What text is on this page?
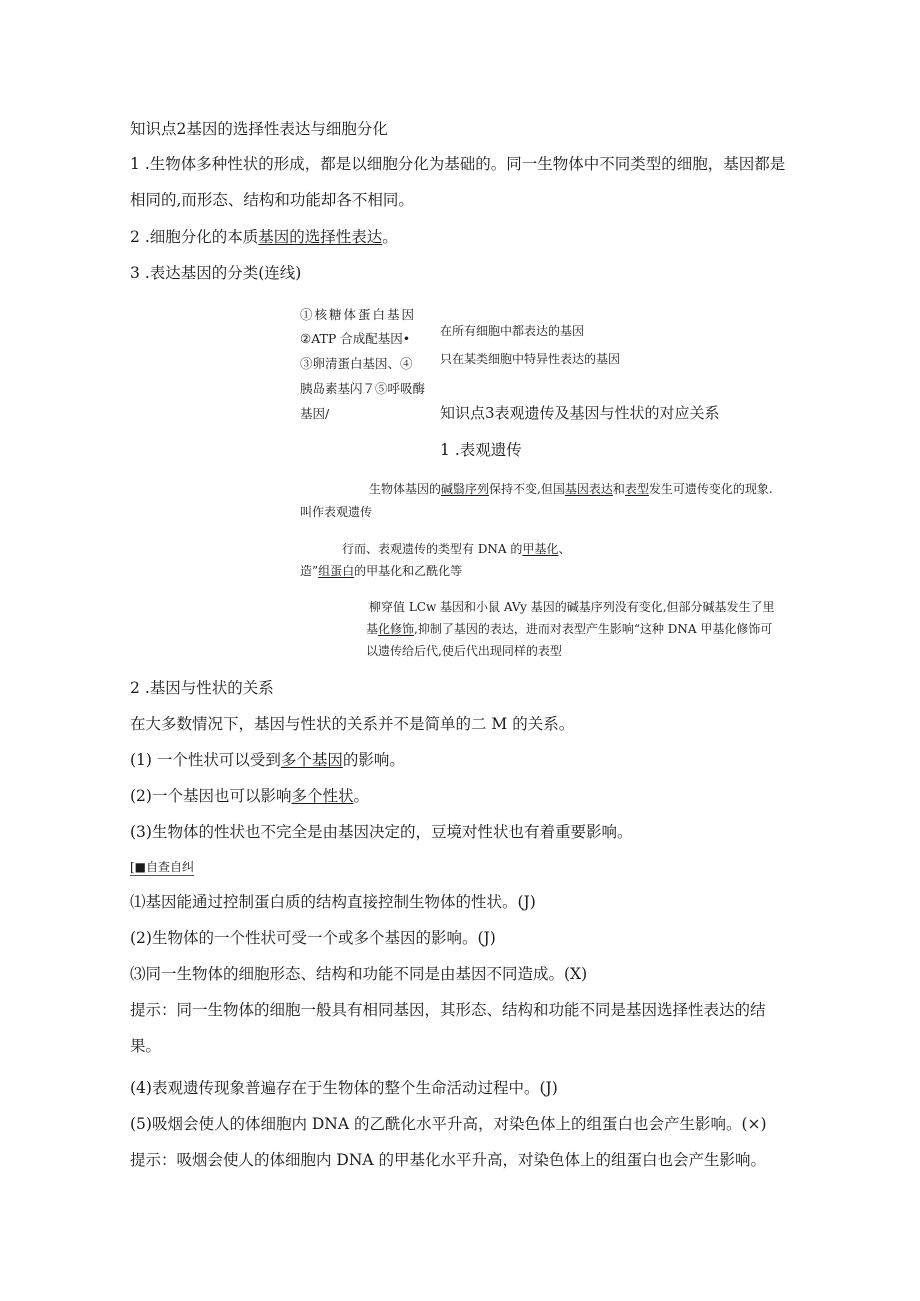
知识点2基因的选择性表达与细胞分化
1 .生物体多种性状的形成，都是以细胞分化为基础的。同一生物体中不同类型的细胞，基因都是
相同的,而形态、结构和功能却各不相同。
2 .细胞分化的本质基因的选择性表达。
3 .表达基因的分类(连线)
①核糖体蛋白基因
②ATP 合成配基因•
③卵清蛋白基因、④
胰岛素基闪７⑤呼吸酶
基因/
在所有细胞中都表达的基因
只在某类细胞中特异性表达的基因
知识点3表观遗传及基因与性状的对应关系
1 .表观遗传
生物体基因的碱翳序列保持不变,但国基因表达和表型发生可遗传变化的现象.
叫作表观遗传
行而、表观遗传的类型有 DNA 的甲基化、
造”组蛋白的甲基化和乙酰化等
柳穿值 LCw 基因和小鼠 AVy 基因的碱基序列没有变化,但部分碱基发生了里
基化修饰,抑制了基因的表达，进而对表型产生影响“这种 DNA 甲基化修饰可
以遗传给后代,使后代出现同样的表型
2 .基因与性状的关系
在大多数情况下，基因与性状的关系并不是简单的二 M 的关系。
(1) 一个性状可以受到多个基因的影响。
(2)一个基因也可以影响多个性状。
(3)生物体的性状也不完全是由基因决定的，豆境对性状也有着重要影响。
[■自查自纠
⑴基因能通过控制蛋白质的结构直接控制生物体的性状。(J)
(2)生物体的一个性状可受一个或多个基因的影响。(J)
⑶同一生物体的细胞形态、结构和功能不同是由基因不同造成。(X)
提示：同一生物体的细胞一般具有相同基因，其形态、结构和功能不同是基因选择性表达的结
果。
(4)表观遗传现象普遍存在于生物体的整个生命活动过程中。(J)
(5)吸烟会使人的体细胞内 DNA 的乙酰化水平升高，对染色体上的组蛋白也会产生影响。(×)
提示：吸烟会使人的体细胞内 DNA 的甲基化水平升高，对染色体上的组蛋白也会产生影响。
